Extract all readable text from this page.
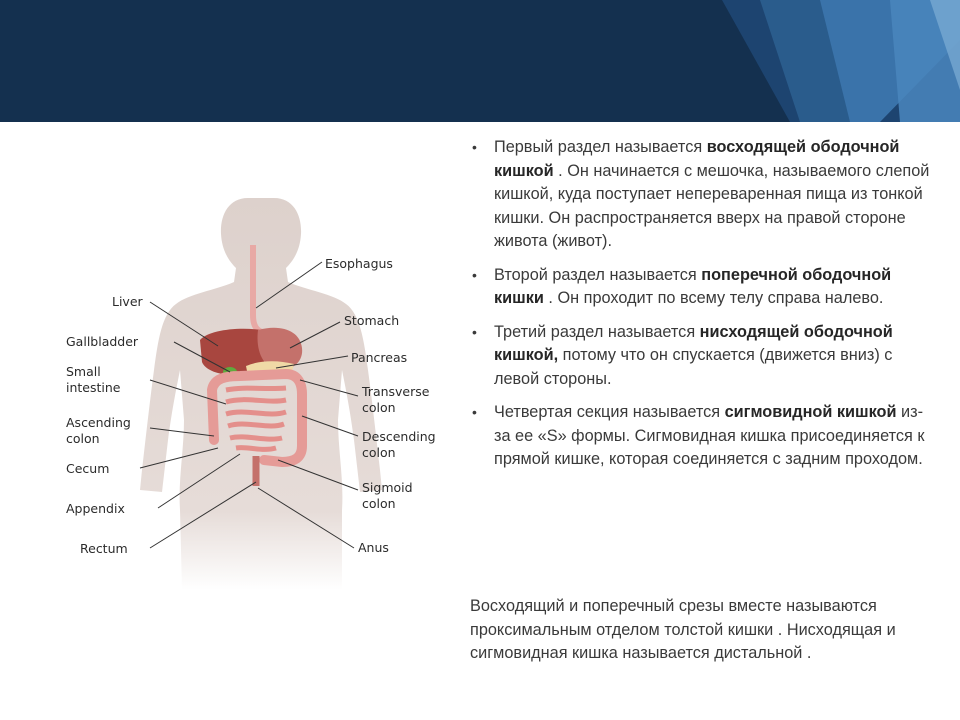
Liver
Gallbladder
Small
intestine
Ascending
colon
Cecum
Appendix
Rectum
Esophagus
Stomach
Pancreas
Transverse
colon
Descending
colon
Sigmoid
colon
Anus
• Первый раздел называется восходящей ободочной кишкой . Он начинается с мешочка, называемого слепой кишкой, куда поступает непереваренная пища из тонкой кишки. Он распространяется вверх на правой стороне живота (живот).
• Второй раздел называется поперечной ободочной кишки . Он проходит по всему телу справа налево.
• Третий раздел называется нисходящей ободочной кишкой, потому что он спускается (движется вниз) с левой стороны.
• Четвертая секция называется сигмовидной кишкой из-за ее «S» формы. Сигмовидная кишка присоединяется к прямой кишке, которая соединяется с задним проходом.

Восходящий и поперечный срезы вместе называются проксимальным отделом толстой кишки . Нисходящая и сигмовидная кишка называется дистальной .
